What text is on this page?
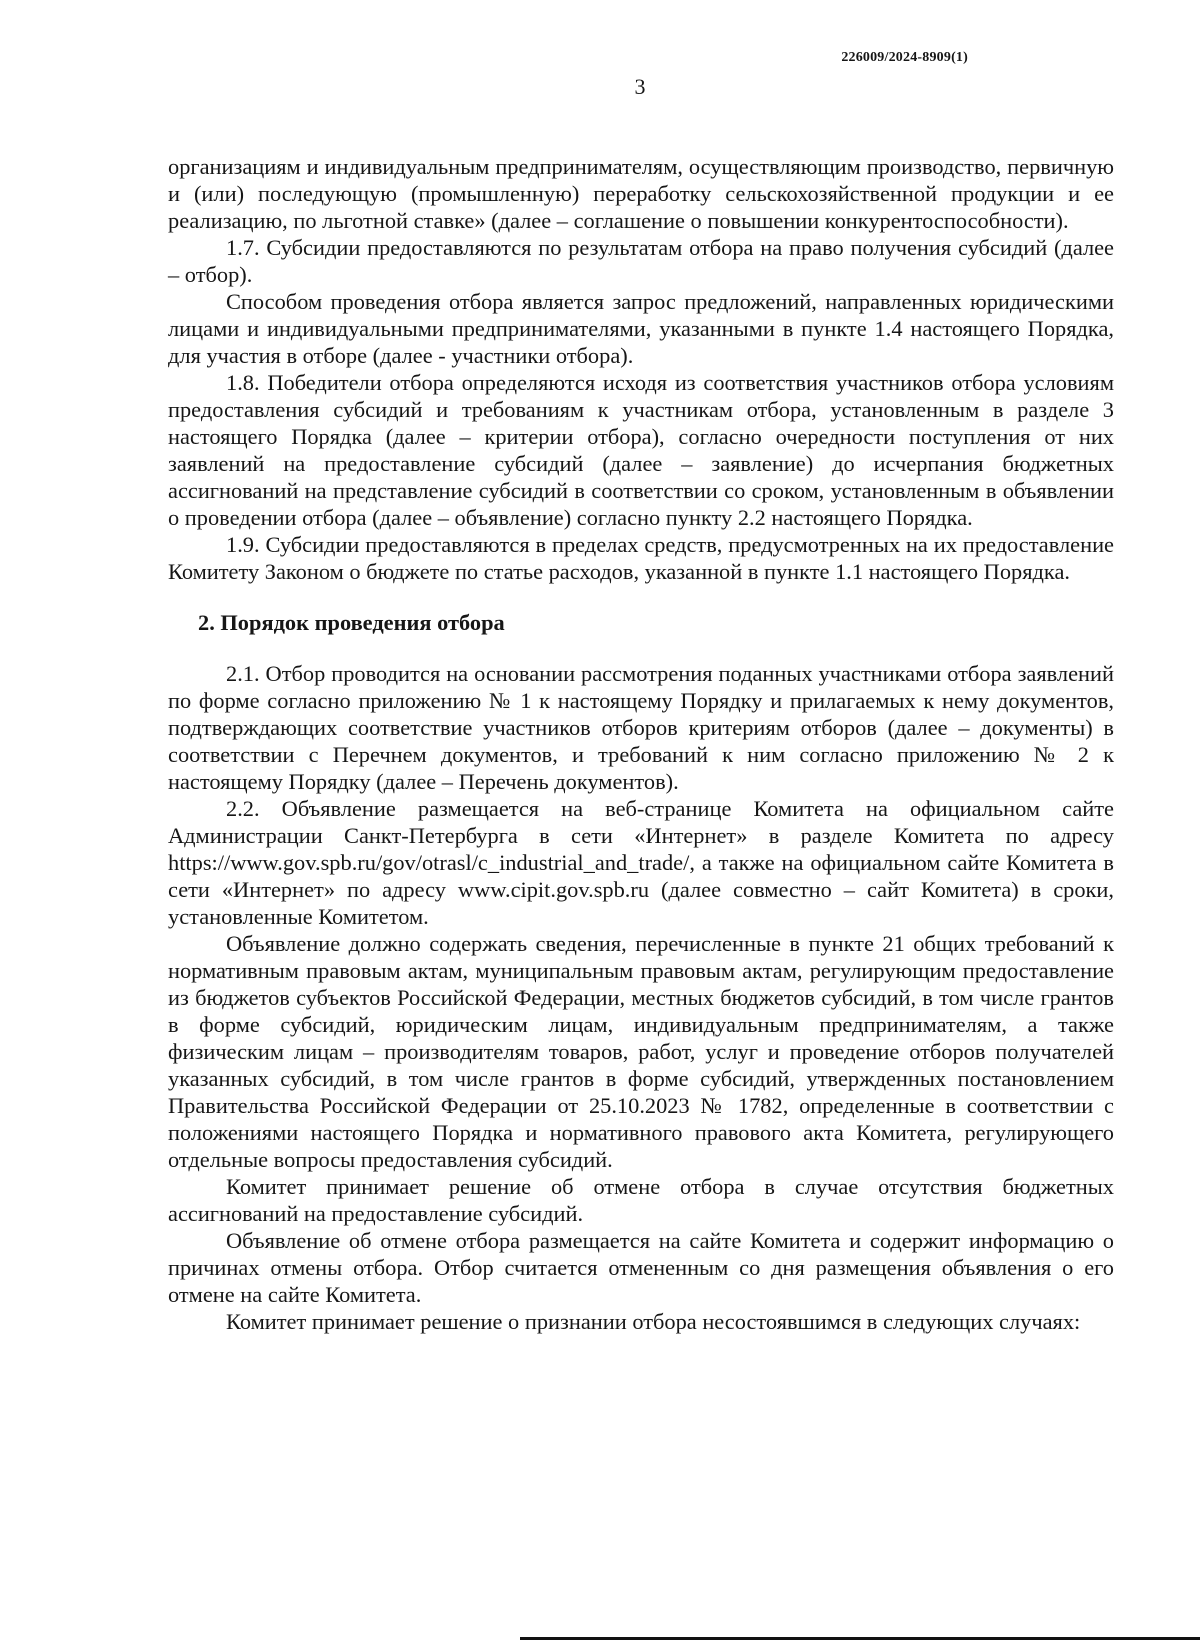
226009/2024-8909(1)
3

организациям и индивидуальным предпринимателям, осуществляющим производство, первичную и (или) последующую (промышленную) переработку сельскохозяйственной продукции и ее реализацию, по льготной ставке» (далее – соглашение о повышении конкурентоспособности).

1.7. Субсидии предоставляются по результатам отбора на право получения субсидий (далее – отбор).

Способом проведения отбора является запрос предложений, направленных юридическими лицами и индивидуальными предпринимателями, указанными в пункте 1.4 настоящего Порядка, для участия в отборе (далее - участники отбора).

1.8. Победители отбора определяются исходя из соответствия участников отбора условиям предоставления субсидий и требованиям к участникам отбора, установленным в разделе 3 настоящего Порядка (далее – критерии отбора), согласно очередности поступления от них заявлений на предоставление субсидий (далее – заявление) до исчерпания бюджетных ассигнований на представление субсидий в соответствии со сроком, установленным в объявлении о проведении отбора (далее – объявление) согласно пункту 2.2 настоящего Порядка.

1.9. Субсидии предоставляются в пределах средств, предусмотренных на их предоставление Комитету Законом о бюджете по статье расходов, указанной в пункте 1.1 настоящего Порядка.

2. Порядок проведения отбора

2.1. Отбор проводится на основании рассмотрения поданных участниками отбора заявлений по форме согласно приложению № 1 к настоящему Порядку и прилагаемых к нему документов, подтверждающих соответствие участников отборов критериям отборов (далее – документы) в соответствии с Перечнем документов, и требований к ним согласно приложению № 2 к настоящему Порядку (далее – Перечень документов).

2.2. Объявление размещается на веб-странице Комитета на официальном сайте Администрации Санкт-Петербурга в сети «Интернет» в разделе Комитета по адресу https://www.gov.spb.ru/gov/otrasl/c_industrial_and_trade/, а также на официальном сайте Комитета в сети «Интернет» по адресу www.cipit.gov.spb.ru (далее совместно – сайт Комитета) в сроки, установленные Комитетом.

Объявление должно содержать сведения, перечисленные в пункте 21 общих требований к нормативным правовым актам, муниципальным правовым актам, регулирующим предоставление из бюджетов субъектов Российской Федерации, местных бюджетов субсидий, в том числе грантов в форме субсидий, юридическим лицам, индивидуальным предпринимателям, а также физическим лицам – производителям товаров, работ, услуг и проведение отборов получателей указанных субсидий, в том числе грантов в форме субсидий, утвержденных постановлением Правительства Российской Федерации от 25.10.2023 № 1782, определенные в соответствии с положениями настоящего Порядка и нормативного правового акта Комитета, регулирующего отдельные вопросы предоставления субсидий.

Комитет принимает решение об отмене отбора в случае отсутствия бюджетных ассигнований на предоставление субсидий.

Объявление об отмене отбора размещается на сайте Комитета и содержит информацию о причинах отмены отбора. Отбор считается отмененным со дня размещения объявления о его отмене на сайте Комитета.

Комитет принимает решение о признании отбора несостоявшимся в следующих случаях:
